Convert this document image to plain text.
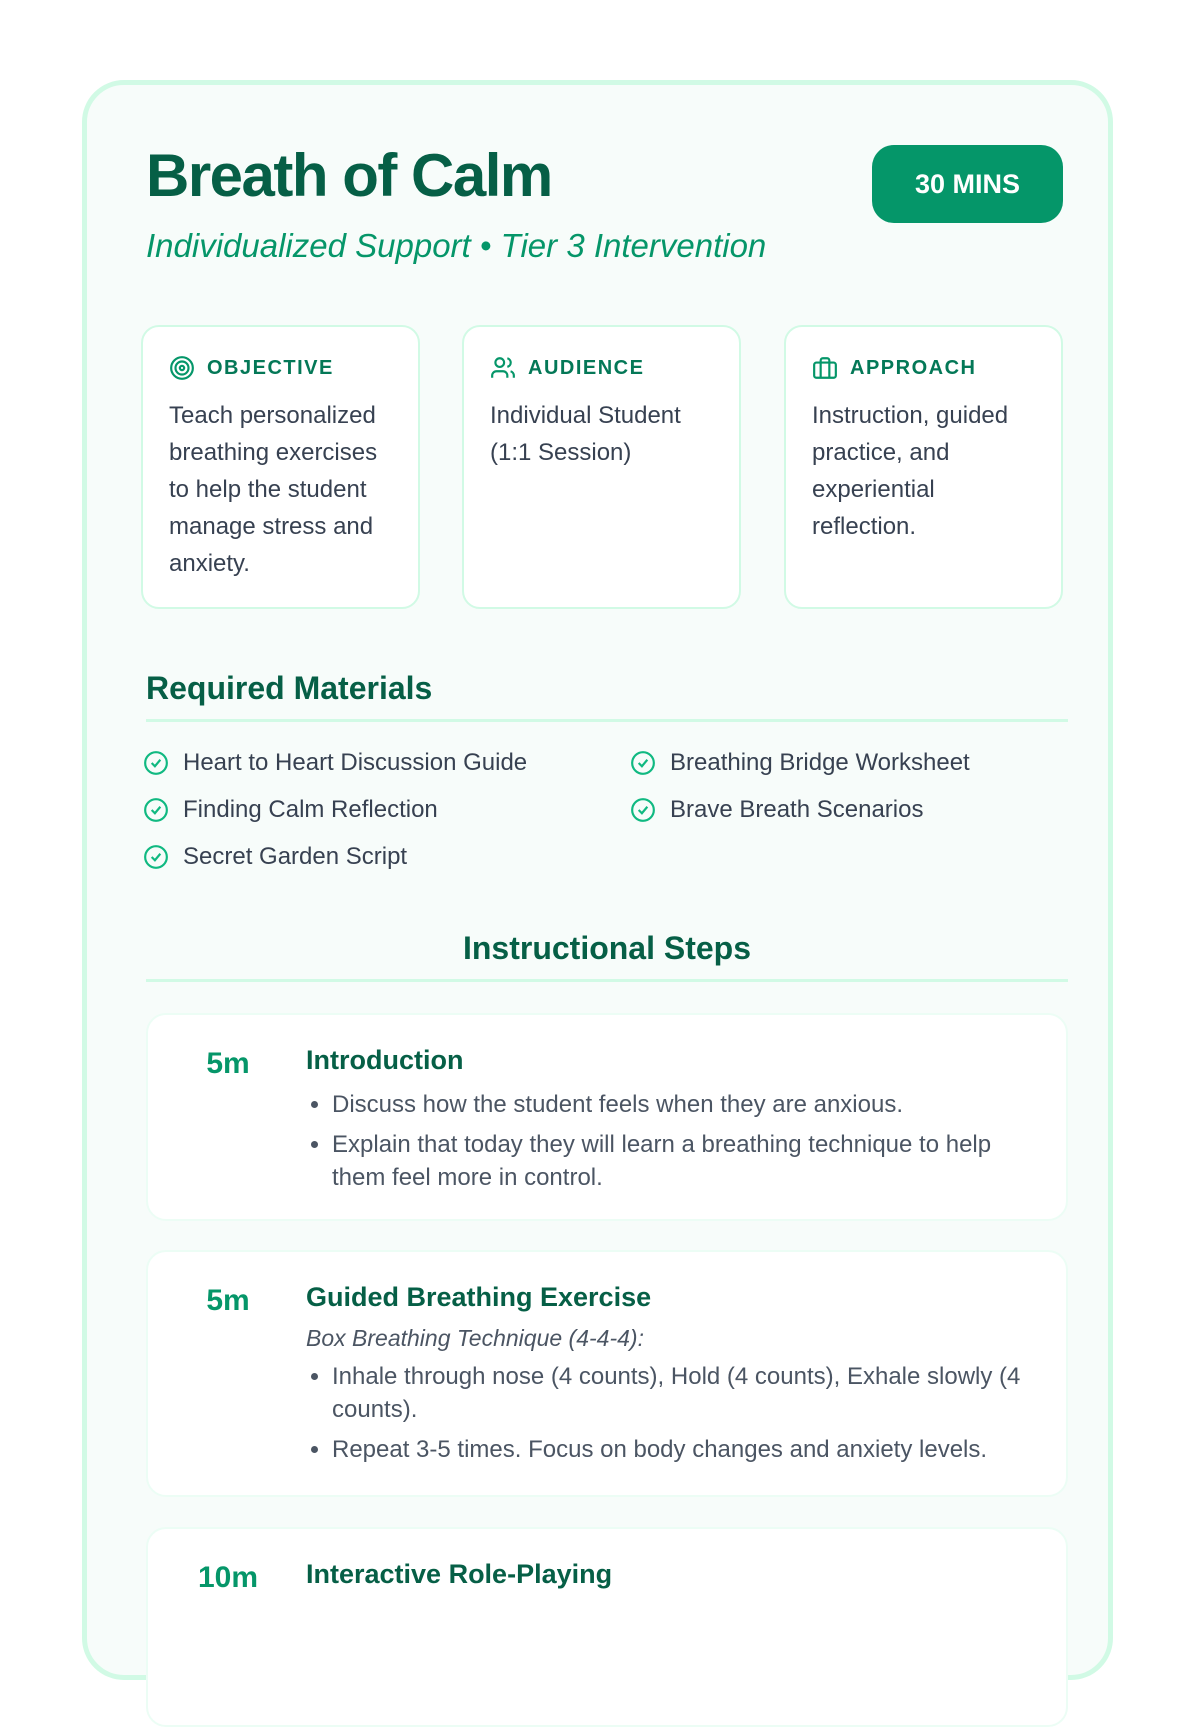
Breath of Calm	30 MINS
Individualized Support • Tier 3 Intervention
OBJECTIVE
Teach personalized breathing exercises to help the student manage stress and anxiety.
AUDIENCE
Individual Student (1:1 Session)
APPROACH
Instruction, guided practice, and experiential reflection.
Required Materials
Heart to Heart Discussion Guide	Breathing Bridge Worksheet
Finding Calm Reflection	Brave Breath Scenarios
Secret Garden Script
Instructional Steps
5m	Introduction
• Discuss how the student feels when they are anxious.
• Explain that today they will learn a breathing technique to help them feel more in control.
5m	Guided Breathing Exercise
Box Breathing Technique (4-4-4):
• Inhale through nose (4 counts), Hold (4 counts), Exhale slowly (4 counts).
• Repeat 3-5 times. Focus on body changes and anxiety levels.
10m	Interactive Role-Playing
